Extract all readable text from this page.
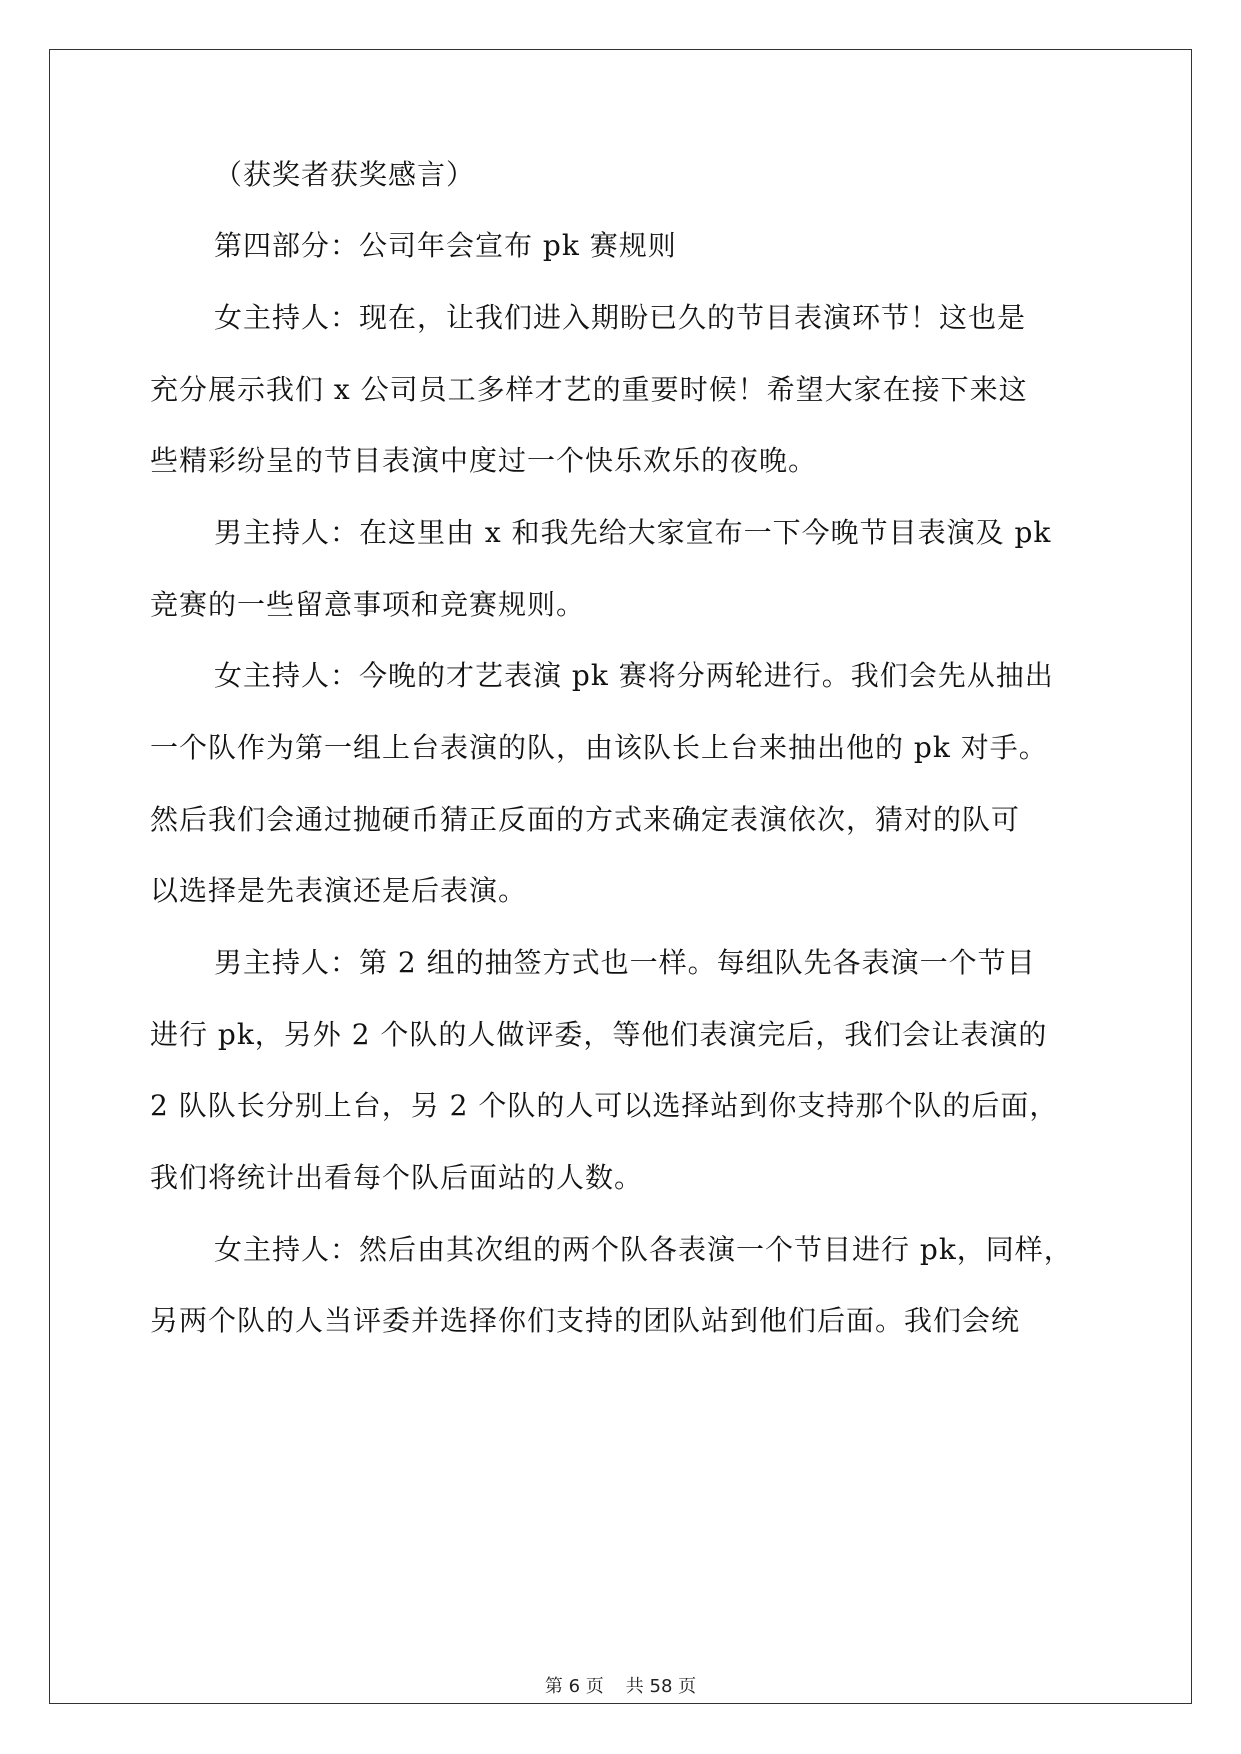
（获奖者获奖感言）
第四部分：公司年会宣布 pk 赛规则
女主持人：现在，让我们进入期盼已久的节目表演环节！这也是
充分展示我们 x 公司员工多样才艺的重要时候！希望大家在接下来这
些精彩纷呈的节目表演中度过一个快乐欢乐的夜晚。
男主持人：在这里由 x 和我先给大家宣布一下今晚节目表演及 pk
竞赛的一些留意事项和竞赛规则。
女主持人：今晚的才艺表演 pk 赛将分两轮进行。我们会先从抽出
一个队作为第一组上台表演的队，由该队长上台来抽出他的 pk 对手。
然后我们会通过抛硬币猜正反面的方式来确定表演依次，猜对的队可
以选择是先表演还是后表演。
男主持人：第 2 组的抽签方式也一样。每组队先各表演一个节目
进行 pk，另外 2 个队的人做评委，等他们表演完后，我们会让表演的
2 队队长分别上台，另 2 个队的人可以选择站到你支持那个队的后面，
我们将统计出看每个队后面站的人数。
女主持人：然后由其次组的两个队各表演一个节目进行 pk，同样，
另两个队的人当评委并选择你们支持的团队站到他们后面。我们会统
第 6 页 共 58 页
